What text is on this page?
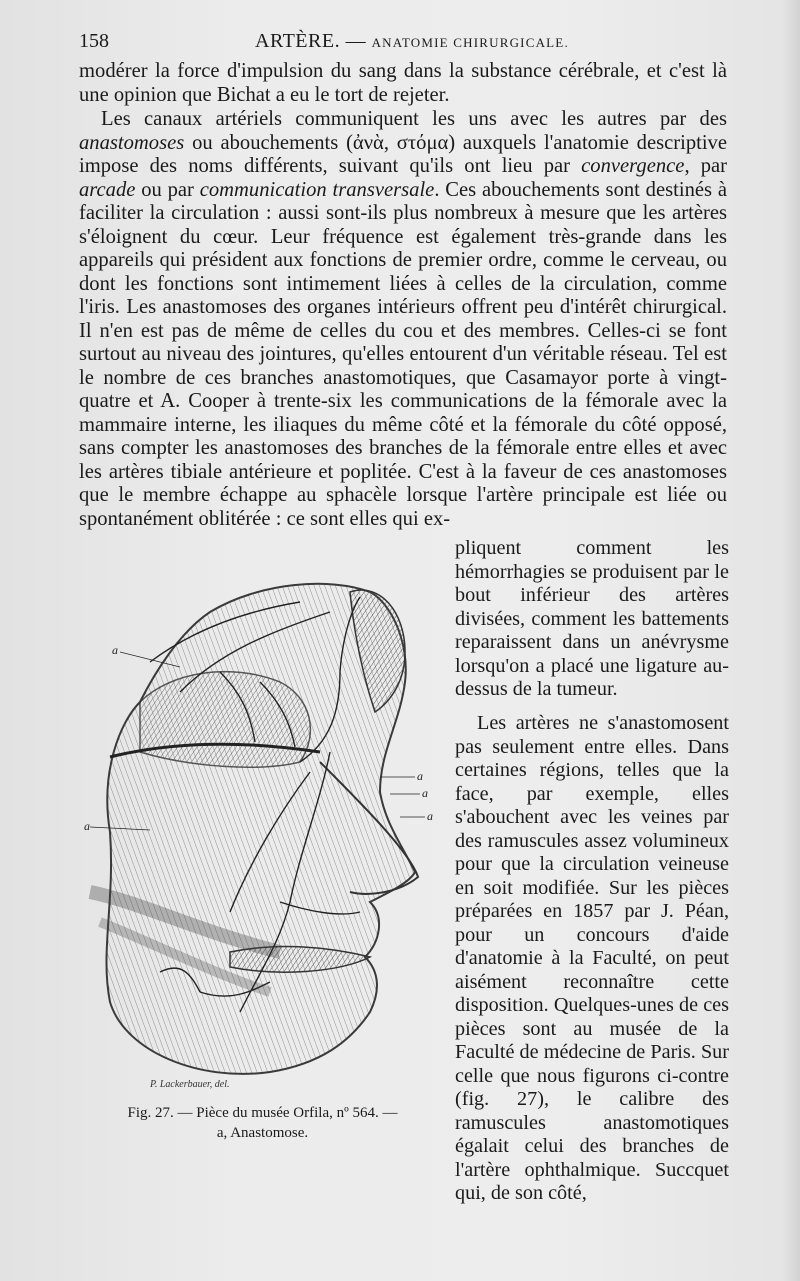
158	ARTÈRE. — ANATOMIE CHIRURGICALE.

modérer la force d'impulsion du sang dans la substance cérébrale, et c'est là une opinion que Bichat a eu le tort de rejeter.

Les canaux artériels communiquent les uns avec les autres par des anastomoses ou abouchements (ἀνὰ, στόμα) auxquels l'anatomie descriptive impose des noms différents, suivant qu'ils ont lieu par convergence, par arcade ou par communication transversale. Ces abouchements sont destinés à faciliter la circulation : aussi sont-ils plus nombreux à mesure que les artères s'éloignent du cœur. Leur fréquence est également très-grande dans les appareils qui président aux fonctions de premier ordre, comme le cerveau, ou dont les fonctions sont intimement liées à celles de la circulation, comme l'iris. Les anastomoses des organes intérieurs offrent peu d'intérêt chirurgical. Il n'en est pas de même de celles du cou et des membres. Celles-ci se font surtout au niveau des jointures, qu'elles entourent d'un véritable réseau. Tel est le nombre de ces branches anastomotiques, que Casamayor porte à vingt-quatre et A. Cooper à trente-six les communications de la fémorale avec la mammaire interne, les iliaques du même côté et la fémorale du côté opposé, sans compter les anastomoses des branches de la fémorale entre elles et avec les artères tibiale antérieure et poplitée. C'est à la faveur de ces anastomoses que le membre échappe au sphacèle lorsque l'artère principale est liée ou spontanément oblitérée : ce sont elles qui ex-

pliquent comment les hémorrhagies se produisent par le bout inférieur des artères divisées, comment les battements reparaissent dans un anévrysme lorsqu'on a placé une ligature au-dessus de la tumeur.

Les artères ne s'anastomosent pas seulement entre elles. Dans certaines régions, telles que la face, par exemple, elles s'abouchent avec les veines par des ramuscules assez volumineux pour que la circulation veineuse en soit modifiée. Sur les pièces préparées en 1857 par J. Péan, pour un concours d'aide d'anatomie à la Faculté, on peut aisément reconnaître cette disposition. Quelques-unes de ces pièces sont au musée de la Faculté de médecine de Paris. Sur celle que nous figurons ci-contre (fig. 27), le calibre des ramuscules anastomotiques égalait celui des branches de l'artère ophthalmique. Succquet qui, de son côté,

a
a
a
a
a
P. Lackerbauer, del.
Fig. 27. — Pièce du musée Orfila, nº 564. —
a, Anastomose.
